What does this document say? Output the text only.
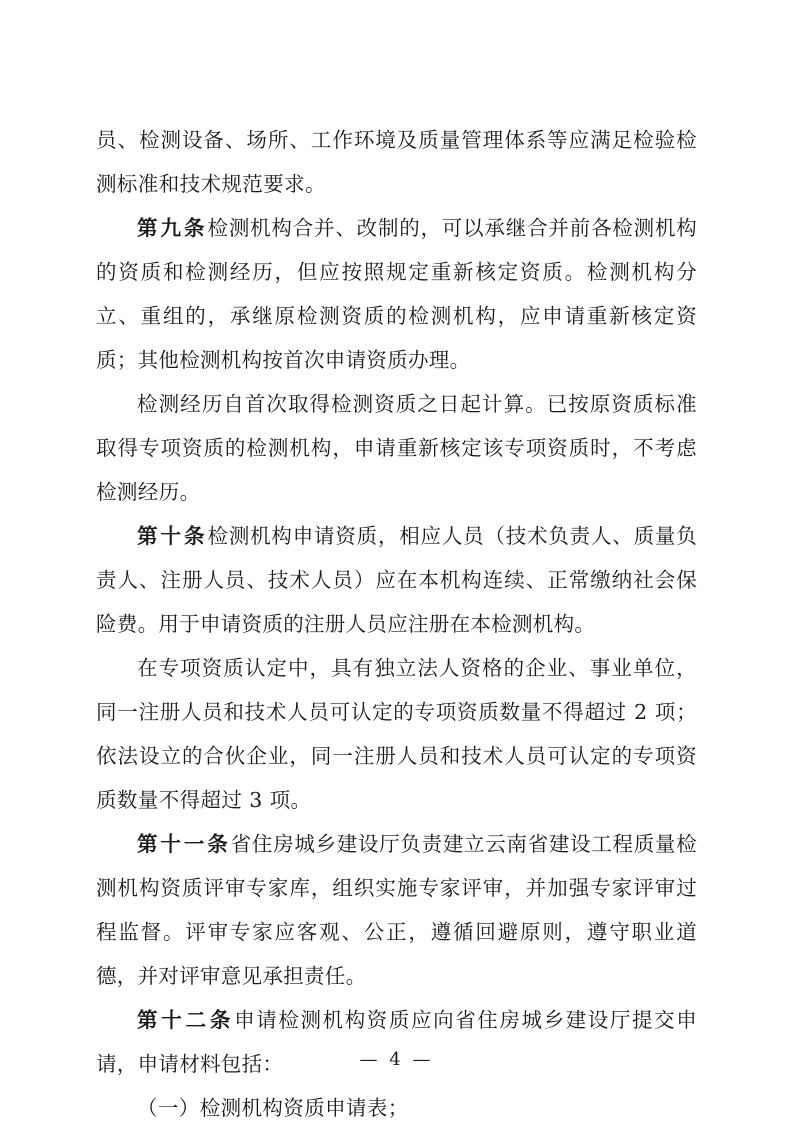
员、检测设备、场所、工作环境及质量管理体系等应满足检验检测标准和技术规范要求。

第九条检测机构合并、改制的，可以承继合并前各检测机构的资质和检测经历，但应按照规定重新核定资质。检测机构分立、重组的，承继原检测资质的检测机构，应申请重新核定资质；其他检测机构按首次申请资质办理。

检测经历自首次取得检测资质之日起计算。已按原资质标准取得专项资质的检测机构，申请重新核定该专项资质时，不考虑检测经历。

第十条检测机构申请资质，相应人员（技术负责人、质量负责人、注册人员、技术人员）应在本机构连续、正常缴纳社会保险费。用于申请资质的注册人员应注册在本检测机构。

在专项资质认定中，具有独立法人资格的企业、事业单位，同一注册人员和技术人员可认定的专项资质数量不得超过 2 项；依法设立的合伙企业，同一注册人员和技术人员可认定的专项资质数量不得超过 3 项。

第十一条省住房城乡建设厅负责建立云南省建设工程质量检测机构资质评审专家库，组织实施专家评审，并加强专家评审过程监督。评审专家应客观、公正，遵循回避原则，遵守职业道德，并对评审意见承担责任。

第十二条申请检测机构资质应向省住房城乡建设厅提交申请，申请材料包括：

（一）检测机构资质申请表；

— 4 —
